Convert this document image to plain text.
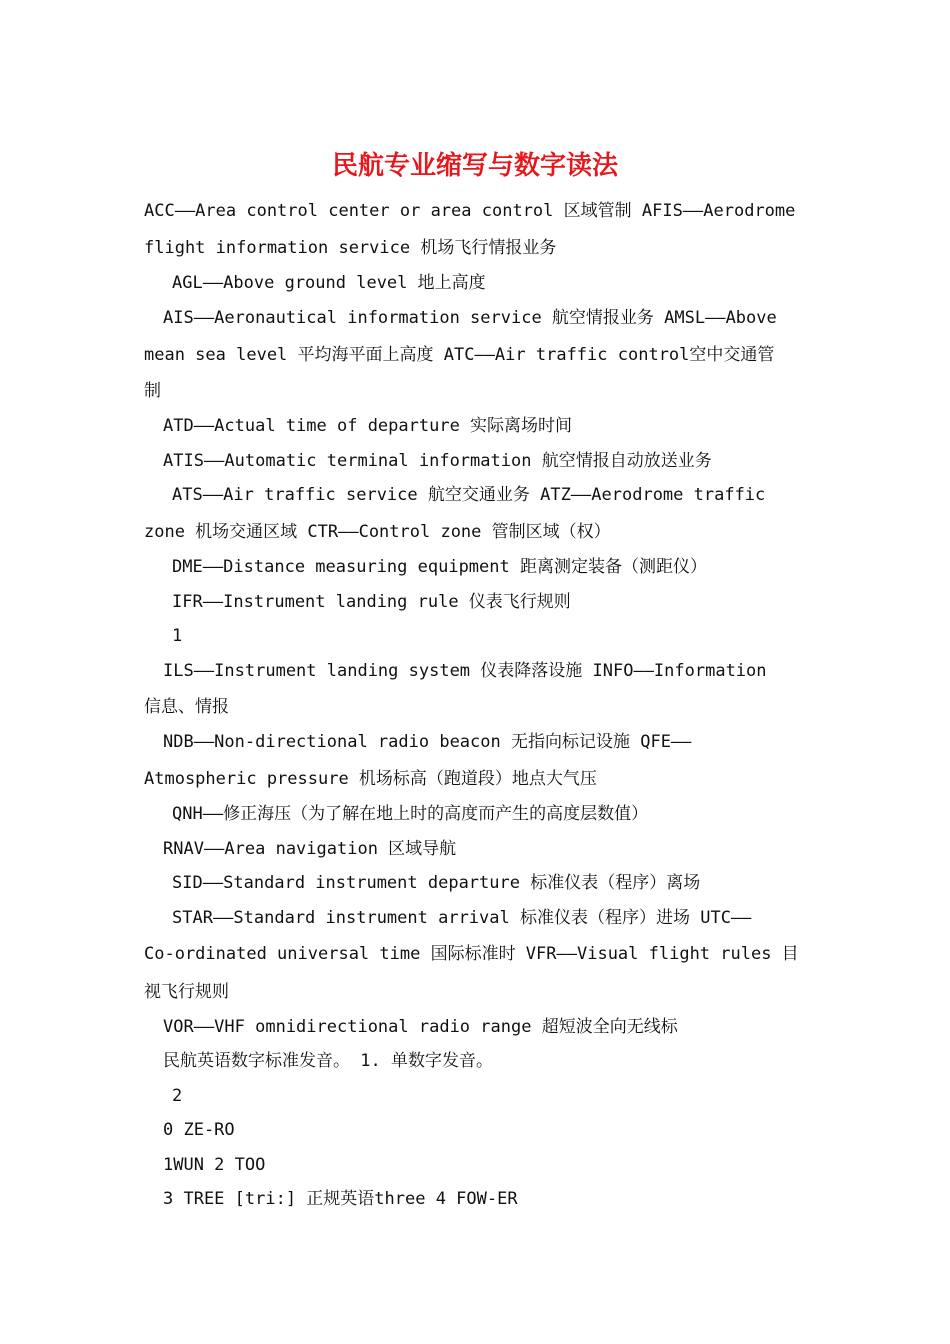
民航专业缩写与数字读法
ACC——Area control center or area control 区域管制 AFIS——Aerodrome
flight information service 机场飞行情报业务
AGL——Above ground level 地上高度
AIS——Aeronautical information service 航空情报业务 AMSL——Above
mean sea level 平均海平面上高度 ATC——Air traffic control空中交通管
制
ATD——Actual time of departure 实际离场时间
ATIS——Automatic terminal information 航空情报自动放送业务
ATS——Air traffic service 航空交通业务 ATZ——Aerodrome traffic
zone 机场交通区域 CTR——Control zone 管制区域（权）
DME——Distance measuring equipment 距离测定装备（测距仪）
IFR——Instrument landing rule 仪表飞行规则
1
ILS——Instrument landing system 仪表降落设施 INFO——Information
信息、情报
NDB——Non-directional radio beacon 无指向标记设施 QFE——
Atmospheric pressure 机场标高（跑道段）地点大气压
QNH——修正海压（为了解在地上时的高度而产生的高度层数值）
RNAV——Area navigation 区域导航
SID——Standard instrument departure 标准仪表（程序）离场
STAR——Standard instrument arrival 标准仪表（程序）进场 UTC——
Co-ordinated universal time 国际标准时 VFR——Visual flight rules 目
视飞行规则
VOR——VHF omnidirectional radio range 超短波全向无线标
民航英语数字标准发音。 1. 单数字发音。
2
0 ZE-RO
1WUN 2 TOO
3 TREE [tri:] 正规英语three 4 FOW-ER
